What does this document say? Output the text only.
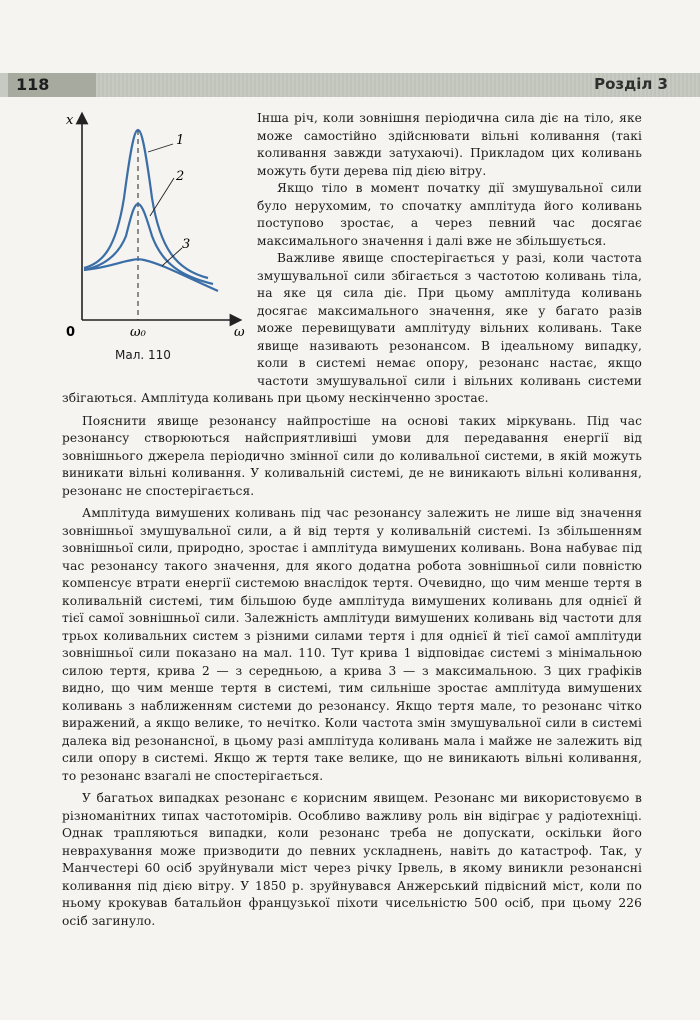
118	Розділ 3
x
ω
0	ω₀
1
2
3
Мал. 110

Інша річ, коли зовнішня періодична сила діє на тіло, яке може самостійно здійснювати вільні коливання (такі коливання завжди затухаючі). Прикладом цих коливань можуть бути дерева під дією вітру.

Якщо тіло в момент початку дії змушувальної сили було нерухомим, то спочатку амплітуда його коливань поступово зростає, а через певний час досягає максимального значення і далі вже не збільшується.

Важливе явище спостерігається у разі, коли частота змушувальної сили збігається з частотою коливань тіла, на яке ця сила діє. При цьому амплітуда коливань досягає максимального значення, яке у багато разів може перевищувати амплітуду вільних коливань. Таке явище називають резонансом. В ідеальному випадку, коли в системі немає опору, резонанс настає, якщо частоти змушувальної сили і вільних коливань системи збігаються. Амплітуда коливань при цьому нескінченно зростає.

Пояснити явище резонансу найпростіше на основі таких міркувань. Під час резонансу створюються найсприятливіші умови для передавання енергії від зовнішнього джерела періодично змінної сили до коливальної системи, в якій можуть виникати вільні коливання. У коливальній системі, де не виникають вільні коливання, резонанс не спостерігається.

Амплітуда вимушених коливань під час резонансу залежить не лише від значення зовнішньої змушувальної сили, а й від тертя у коливальній системі. Із збільшенням зовнішньої сили, природно, зростає і амплітуда вимушених коливань. Вона набуває під час резонансу такого значення, для якого додатна робота зовнішньої сили повністю компенсує втрати енергії системою внаслідок тертя. Очевидно, що чим менше тертя в коливальній системі, тим більшою буде амплітуда вимушених коливань для однієї й тієї самої зовнішньої сили. Залежність амплітуди вимушених коливань від частоти для трьох коливальних систем з різними силами тертя і для однієї й тієї самої амплітуди зовнішньої сили показано на мал. 110. Тут крива 1 відповідає системі з мінімальною силою тертя, крива 2 — з середньою, а крива 3 — з максимальною. З цих графіків видно, що чим менше тертя в системі, тим сильніше зростає амплітуда вимушених коливань з наближенням системи до резонансу. Якщо тертя мале, то резонанс чітко виражений, а якщо велике, то нечітко. Коли частота змін змушувальної сили в системі далека від резонансної, в цьому разі амплітуда коливань мала і майже не залежить від сили опору в системі. Якщо ж тертя таке велике, що не виникають вільні коливання, то резонанс взагалі не спостерігається.

У багатьох випадках резонанс є корисним явищем. Резонанс ми використовуємо в різноманітних типах частотомірів. Особливо важливу роль він відіграє у радіотехніці. Однак трапляються випадки, коли резонанс треба не допускати, оскільки його неврахування може призводити до певних ускладнень, навіть до катастроф. Так, у Манчестері 60 осіб зруйнували міст через річку Ірвель, в якому виникли резонансні коливання під дією вітру. У 1850 р. зруйнувався Анжерський підвісний міст, коли по ньому крокував батальйон французької піхоти чисельністю 500 осіб, при цьому 226 осіб загинуло.
